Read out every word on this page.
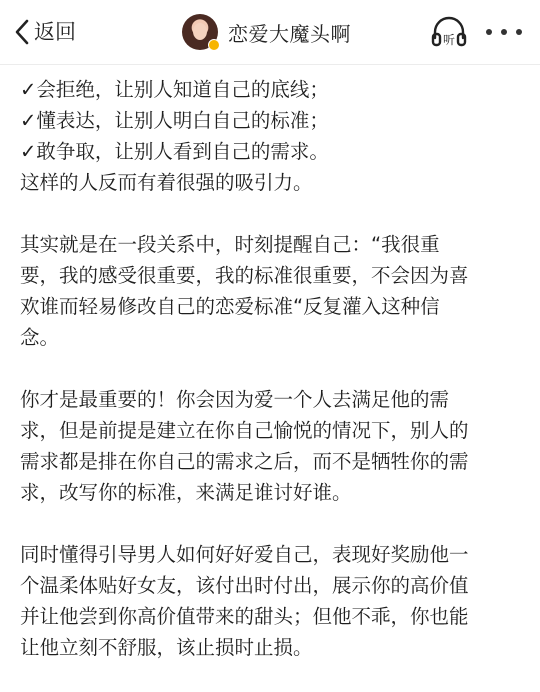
返回	恋爱大魔头啊	听

✓会拒绝，让别人知道自己的底线；
✓懂表达，让别人明白自己的标准；
✓敢争取，让别人看到自己的需求。
这样的人反而有着很强的吸引力。

其实就是在一段关系中，时刻提醒自己：“我很重
要，我的感受很重要，我的标准很重要，不会因为喜
欢谁而轻易修改自己的恋爱标准“反复灌入这种信
念。

你才是最重要的！你会因为爱一个人去满足他的需
求，但是前提是建立在你自己愉悦的情况下，别人的
需求都是排在你自己的需求之后，而不是牺牲你的需
求，改写你的标准，来满足谁讨好谁。

同时懂得引导男人如何好好爱自己，表现好奖励他一
个温柔体贴好女友，该付出时付出，展示你的高价值
并让他尝到你高价值带来的甜头；但他不乖，你也能
让他立刻不舒服，该止损时止损。
